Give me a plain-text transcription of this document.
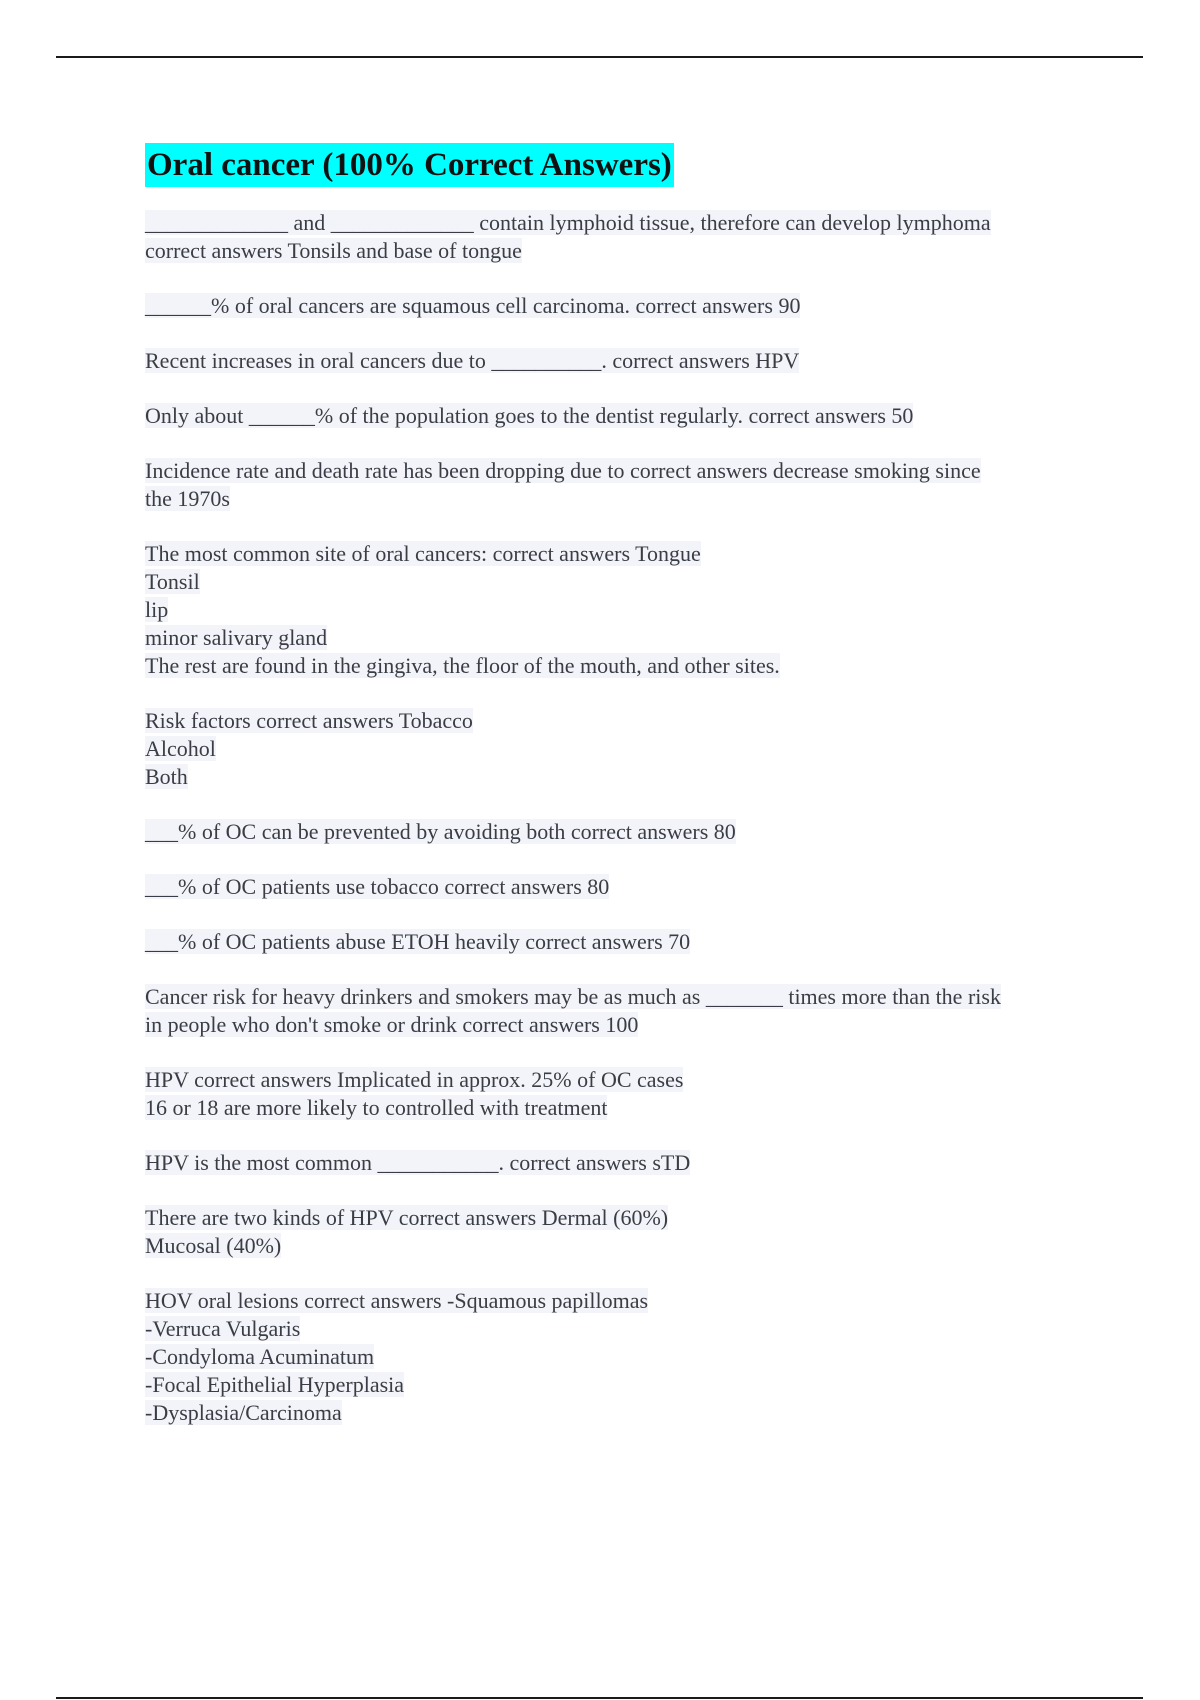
Oral cancer (100% Correct Answers)
_____________ and _____________ contain lymphoid tissue, therefore can develop lymphoma
correct answers Tonsils and base of tongue
______% of oral cancers are squamous cell carcinoma. correct answers 90
Recent increases in oral cancers due to __________. correct answers HPV
Only about ______% of the population goes to the dentist regularly. correct answers 50
Incidence rate and death rate has been dropping due to correct answers decrease smoking since
the 1970s
The most common site of oral cancers: correct answers Tongue
Tonsil
lip
minor salivary gland
The rest are found in the gingiva, the floor of the mouth, and other sites.
Risk factors correct answers Tobacco
Alcohol
Both
___% of OC can be prevented by avoiding both correct answers 80
___% of OC patients use tobacco correct answers 80
___% of OC patients abuse ETOH heavily correct answers 70
Cancer risk for heavy drinkers and smokers may be as much as _______ times more than the risk
in people who don't smoke or drink correct answers 100
HPV correct answers Implicated in approx. 25% of OC cases
16 or 18 are more likely to controlled with treatment
HPV is the most common ___________. correct answers sTD
There are two kinds of HPV correct answers Dermal (60%)
Mucosal (40%)
HOV oral lesions correct answers -Squamous papillomas
-Verruca Vulgaris
-Condyloma Acuminatum
-Focal Epithelial Hyperplasia
-Dysplasia/Carcinoma
